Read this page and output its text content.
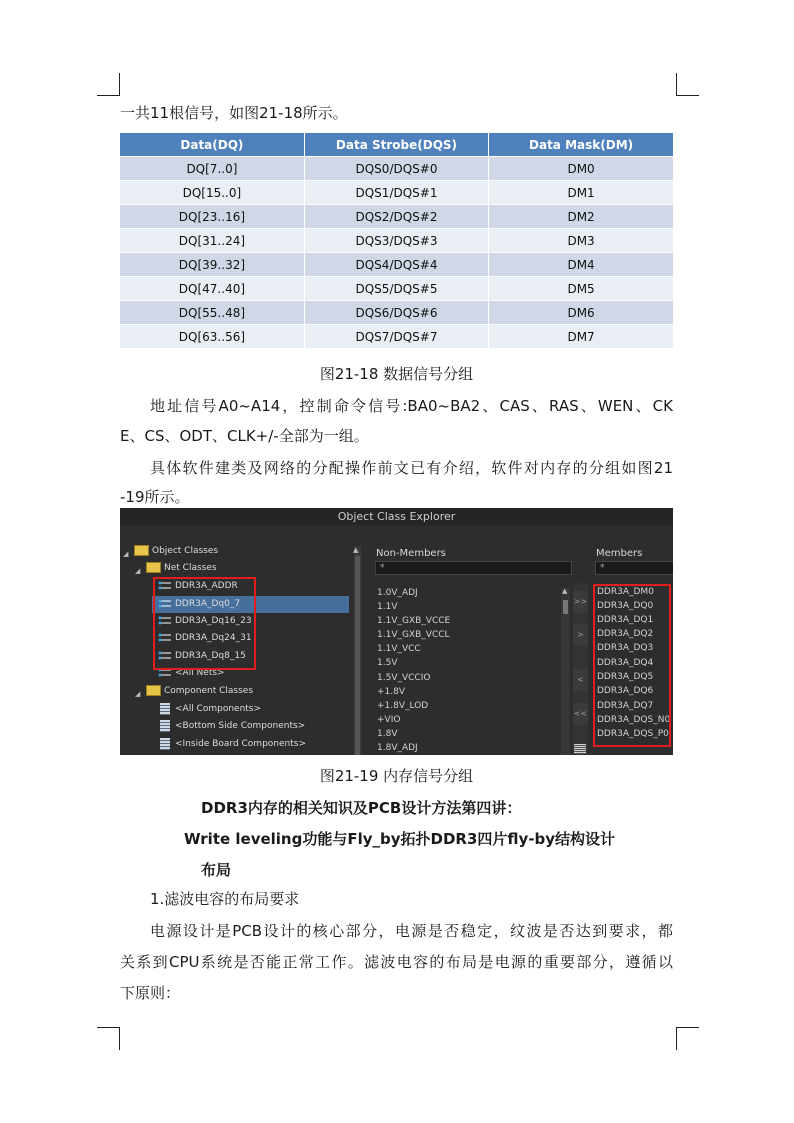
一共11根信号，如图21-18所示。
Data(DQ)	Data Strobe(DQS)	Data Mask(DM)
DQ[7..0]	DQS0/DQS#0	DM0
DQ[15..0]	DQS1/DQS#1	DM1
DQ[23..16]	DQS2/DQS#2	DM2
DQ[31..24]	DQS3/DQS#3	DM3
DQ[39..32]	DQS4/DQS#4	DM4
DQ[47..40]	DQS5/DQS#5	DM5
DQ[55..48]	DQS6/DQS#6	DM6
DQ[63..56]	DQS7/DQS#7	DM7
图21-18 数据信号分组
地址信号A0~A14，控制命令信号:BA0~BA2、CAS、RAS、WEN、CK
E、CS、ODT、CLK+/-全部为一组。
具体软件建类及网络的分配操作前文已有介绍，软件对内存的分组如图21
-19所示。
Object Class Explorer
▲
◢	Object Classes
◢	Net Classes
DDR3A_ADDR
DDR3A_Dq0_7
DDR3A_Dq16_23
DDR3A_Dq24_31
DDR3A_Dq8_15
<All Nets>
◢	Component Classes
<All Components>
<Bottom Side Components>
<Inside Board Components>
Non-Members
*
▲
1.0V_ADJ
1.1V
1.1V_GXB_VCCE
1.1V_GXB_VCCL
1.1V_VCC
1.5V
1.5V_VCCIO
+1.8V
+1.8V_LOD
+VIO
1.8V
1.8V_ADJ
>>
>
<
<<
Members
*
DDR3A_DM0
DDR3A_DQ0
DDR3A_DQ1
DDR3A_DQ2
DDR3A_DQ3
DDR3A_DQ4
DDR3A_DQ5
DDR3A_DQ6
DDR3A_DQ7
DDR3A_DQS_N0
DDR3A_DQS_P0
图21-19 内存信号分组
DDR3内存的相关知识及PCB设计方法第四讲：
Write leveling功能与Fly_by拓扑DDR3四片fly-by结构设计
布局
1.滤波电容的布局要求
电源设计是PCB设计的核心部分，电源是否稳定，纹波是否达到要求，都
关系到CPU系统是否能正常工作。滤波电容的布局是电源的重要部分，遵循以
下原则：
